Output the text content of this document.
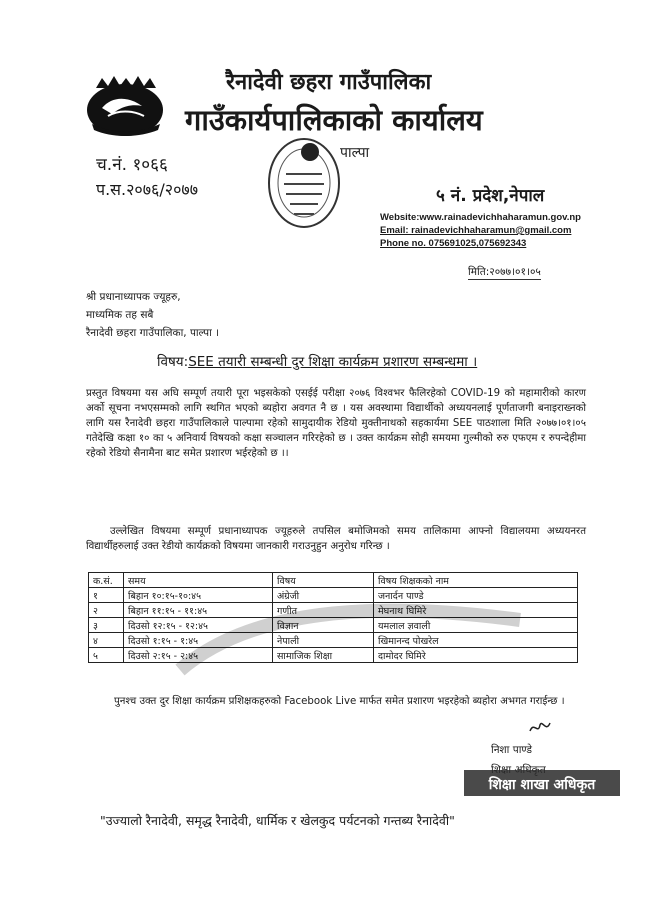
रैनादेवी छहरा गाउँपालिका
गाउँकार्यपालिकाको कार्यालय
च.नं. १०६६
प.स.२०७६/२०७७
पाल्पा
५ नं. प्रदेश,नेपाल
Website:www.rainadevichhaharamun.gov.np
Email: rainadevichhaharamun@gmail.com
Phone no. 075691025,075692343
मिति:२०७७।०१।०५
श्री प्रधानाध्यापक ज्यूहरु,
माध्यमिक तह सबै
रैनादेवी छहरा गाउँपालिका, पाल्पा ।
विषय:SEE तयारी सम्बन्धी दुर शिक्षा कार्यक्रम प्रशारण सम्बन्धमा ।
प्रस्तुत विषयमा यस अघि सम्पूर्ण तयारी पूरा भइसकेको एसईई परीक्षा २०७६ विश्वभर फैलिरहेको COVID-19 को महामारीको कारण अर्को सूचना नभएसम्मको लागि स्थगित भएको ब्यहोरा अवगत नै छ । यस अवस्थामा विद्यार्थीको अध्ययनलाई पूर्णताजगी बनाइराख्नको लागि यस रैनादेवी छहरा गाउँपालिकाले पाल्पामा रहेको सामुदायीक रेडियो मुक्तीनाथको सहकार्यमा SEE पाठशाला मिति २०७७।०१।०५ गतेदेखि कक्षा १० का ५ अनिवार्य विषयको कक्षा सञ्चालन गरिरहेको छ । उक्त कार्यक्रम सोही समयमा गुल्मीको रुरु एफएम र रुपन्देहीमा रहेको रेडियो सैनामैना बाट समेत प्रशारण भईरहेको छ ।।
उल्लेखित विषयमा सम्पूर्ण प्रधानाध्यापक ज्यूहरुले तपसिल बमोजिमको समय तालिकामा आफ्नो विद्यालयमा अध्ययनरत विद्यार्थीहरुलाई उक्त रेडीयो कार्यक्रको विषयमा जानकारी गराउनुहुन अनुरोध गरिन्छ ।
क.सं.	समय	विषय	विषय शिक्षकको नाम
१	बिहान १०:१५-१०:४५	अंग्रेजी	जनार्दन पाण्डे
२	बिहान ११:१५ - ११:४५	गणीत	मेघनाथ घिमिरे
३	दिउसो १२:१५ - १२:४५	विज्ञान	यमलाल ज्ञवाली
४	दिउसो १:१५ - १:४५	नेपाली	खिमानन्द पोखरेल
५	दिउसो २:१५ - २:४५	सामाजिक शिक्षा	दामोदर घिमिरे
पुनश्च उक्त दुर शिक्षा कार्यक्रम प्रशिक्षकहरुको Facebook Live मार्फत समेत प्रशारण भइरहेको ब्यहोरा अभगत गराईन्छ ।
निशा पाण्डे
शिक्षा शाखा अधिकृत
"उज्यालो रैनादेवी, समृद्ध रैनादेवी, धार्मिक र खेलकुद पर्यटनको गन्तब्य रैनादेवी"
